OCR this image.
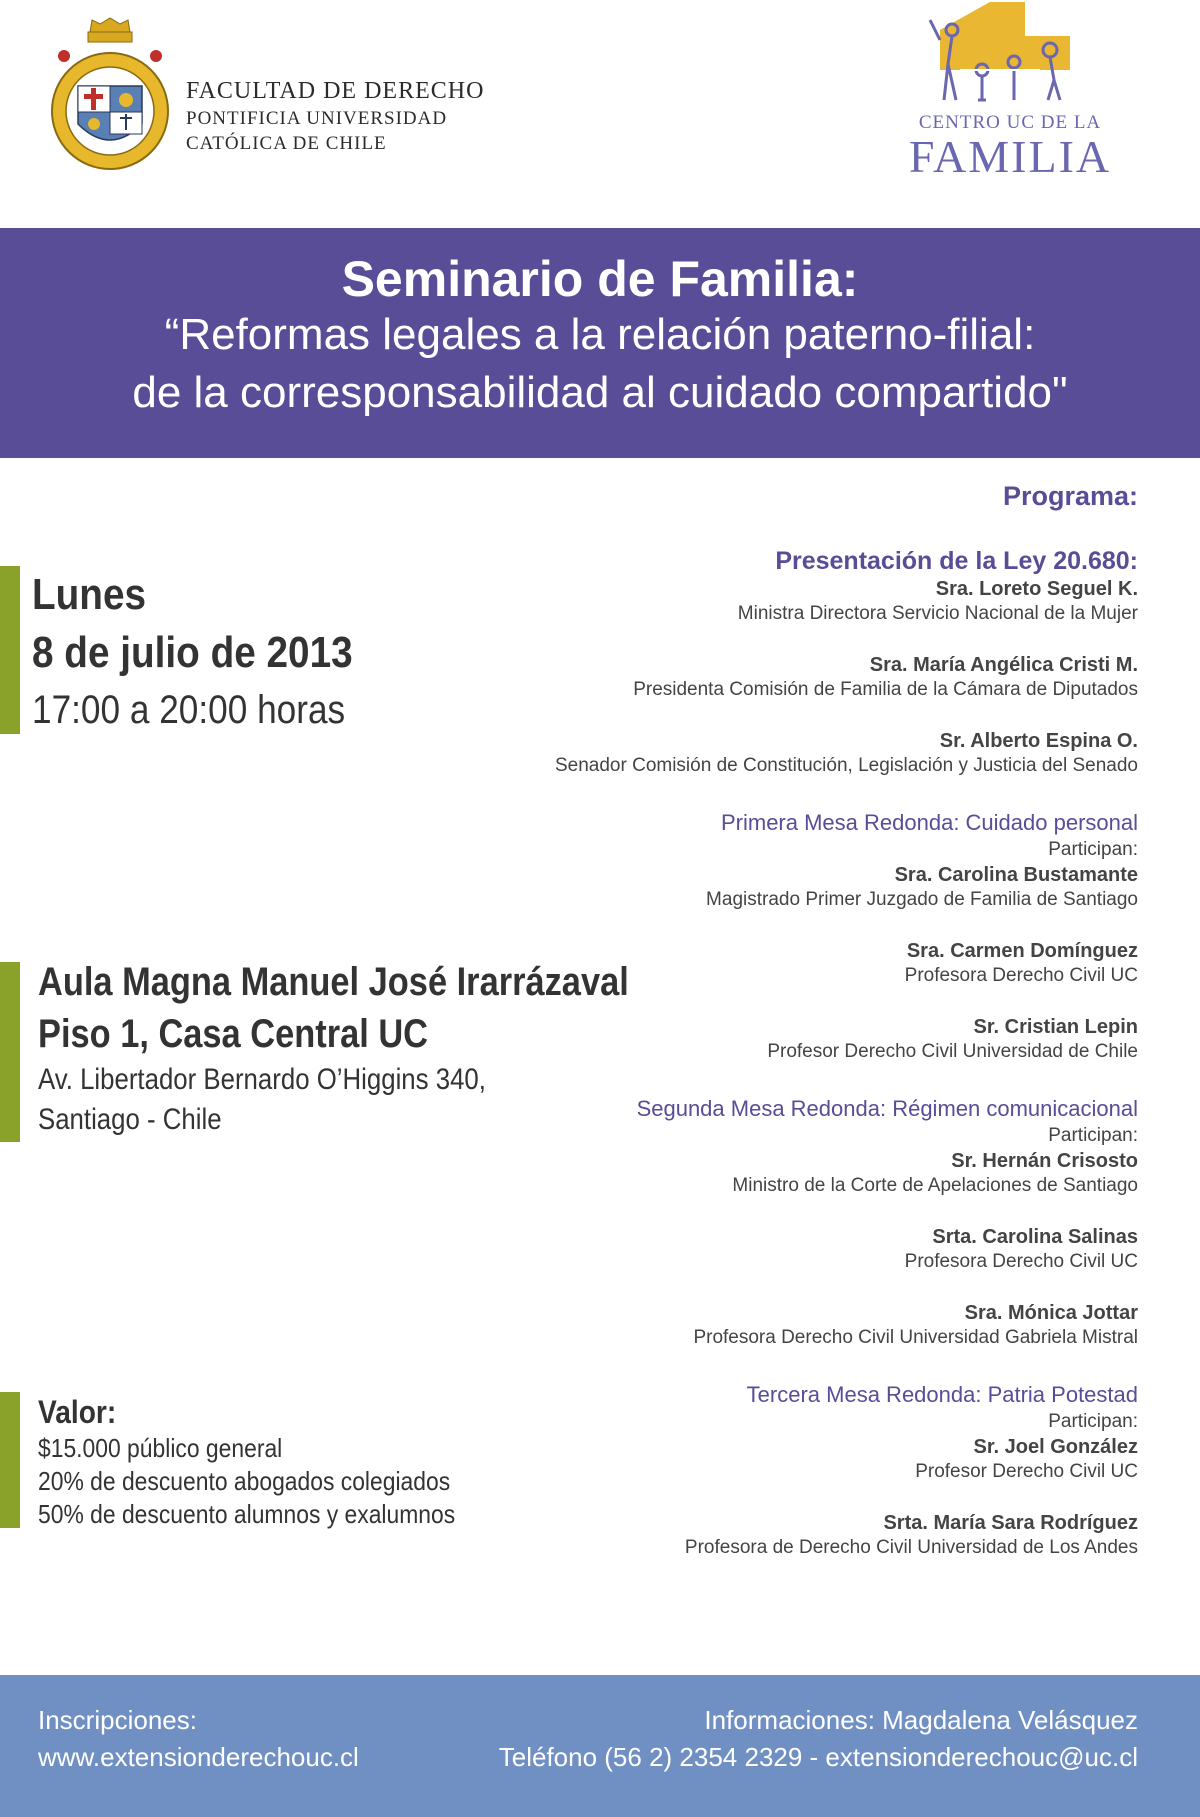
FACULTAD DE DERECHO
PONTIFICIA UNIVERSIDAD
CATÓLICA DE CHILE
CENTRO UC DE LA
FAMILIA
Seminario de Familia:
“Reformas legales a la relación paterno-filial:
de la corresponsabilidad al cuidado compartido"
Lunes
8 de julio de 2013
17:00 a 20:00 horas
Aula Magna Manuel José Irarrázaval
Piso 1, Casa Central UC
Av. Libertador Bernardo O’Higgins 340,
Santiago - Chile
Valor:
$15.000 público general
20% de descuento abogados colegiados
50% de descuento alumnos y exalumnos
Programa:
Presentación de la Ley 20.680:
Sra. Loreto Seguel K.
Ministra Directora Servicio Nacional de la Mujer
Sra. María Angélica Cristi M.
Presidenta Comisión de Familia de la Cámara de Diputados
Sr. Alberto Espina O.
Senador Comisión de Constitución, Legislación y Justicia del Senado
Primera Mesa Redonda: Cuidado personal
Participan:
Sra. Carolina Bustamante
Magistrado Primer Juzgado de Familia de Santiago
Sra. Carmen Domínguez
Profesora Derecho Civil UC
Sr. Cristian Lepin
Profesor Derecho Civil Universidad de Chile
Segunda Mesa Redonda: Régimen comunicacional
Participan:
Sr. Hernán Crisosto
Ministro de la Corte de Apelaciones de Santiago
Srta. Carolina Salinas
Profesora Derecho Civil UC
Sra. Mónica Jottar
Profesora Derecho Civil Universidad Gabriela Mistral
Tercera Mesa Redonda: Patria Potestad
Participan:
Sr. Joel González
Profesor Derecho Civil UC
Srta. María Sara Rodríguez
Profesora de Derecho Civil Universidad de Los Andes
Inscripciones:
www.extensionderechouc.cl
Informaciones: Magdalena Velásquez
Teléfono (56 2) 2354 2329 - extensionderechouc@uc.cl
